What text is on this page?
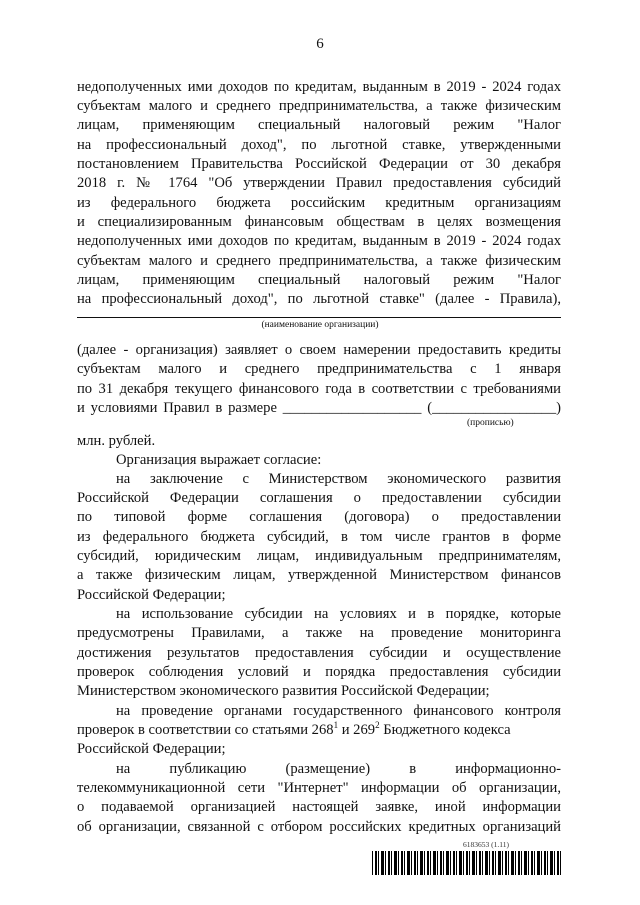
6
недополученных ими доходов по кредитам, выданным в 2019 - 2024 годах
субъектам малого и среднего предпринимательства, а также физическим
лицам, применяющим специальный налоговый режим "Налог
на профессиональный доход", по льготной ставке, утвержденными
постановлением Правительства Российской Федерации от 30 декабря
2018 г. № 1764 "Об утверждении Правил предоставления субсидий
из федерального бюджета российским кредитным организациям
и специализированным финансовым обществам в целях возмещения
недополученных ими доходов по кредитам, выданным в 2019 - 2024 годах
субъектам малого и среднего предпринимательства, а также физическим
лицам, применяющим специальный налоговый режим "Налог
на профессиональный доход", по льготной ставке" (далее - Правила),
(наименование организации)
(далее - организация) заявляет о своем намерении предоставить кредиты
субъектам малого и среднего предпринимательства с 1 января
по 31 декабря текущего финансового года в соответствии с требованиями
и условиями Правил в размере ___________________ (_________________)
(прописью)
млн. рублей.
Организация выражает согласие:
на заключение с Министерством экономического развития
Российской Федерации соглашения о предоставлении субсидии
по типовой форме соглашения (договора) о предоставлении
из федерального бюджета субсидий, в том числе грантов в форме
субсидий, юридическим лицам, индивидуальным предпринимателям,
а также физическим лицам, утвержденной Министерством финансов
Российской Федерации;
на использование субсидии на условиях и в порядке, которые
предусмотрены Правилами, а также на проведение мониторинга
достижения результатов предоставления субсидии и осуществление
проверок соблюдения условий и порядка предоставления субсидии
Министерством экономического развития Российской Федерации;
на проведение органами государственного финансового контроля
проверок в соответствии со статьями $268^1$ и $269^2$ Бюджетного кодекса
Российской Федерации;
на публикацию (размещение) в информационно-
телекоммуникационной сети "Интернет" информации об организации,
о подаваемой организацией настоящей заявке, иной информации
об организации, связанной с отбором российских кредитных организаций
6183653 (1.11)
